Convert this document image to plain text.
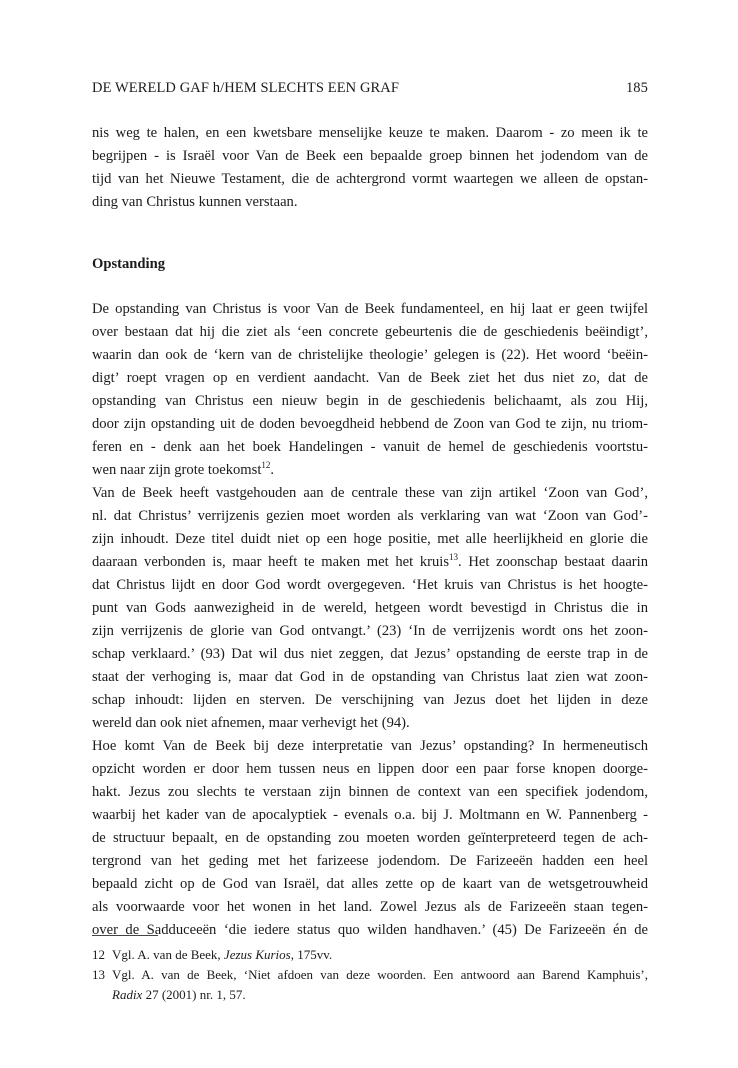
DE WERELD GAF h/HEM SLECHTS EEN GRAF	185

nis weg te halen, en een kwetsbare menselijke keuze te maken. Daarom - zo meen ik te
begrijpen - is Israël voor Van de Beek een bepaalde groep binnen het jodendom van de
tijd van het Nieuwe Testament, die de achtergrond vormt waartegen we alleen de opstan-
ding van Christus kunnen verstaan.

Opstanding

De opstanding van Christus is voor Van de Beek fundamenteel, en hij laat er geen twijfel
over bestaan dat hij die ziet als ‘een concrete gebeurtenis die de geschiedenis beëindigt’,
waarin dan ook de ‘kern van de christelijke theologie’ gelegen is (22). Het woord ‘beëin-
digt’ roept vragen op en verdient aandacht. Van de Beek ziet het dus niet zo, dat de
opstanding van Christus een nieuw begin in de geschiedenis belichaamt, als zou Hij,
door zijn opstanding uit de doden bevoegdheid hebbend de Zoon van God te zijn, nu triom-
feren en - denk aan het boek Handelingen - vanuit de hemel de geschiedenis voortstu-
wen naar zijn grote toekomst$^{12}$.

Van de Beek heeft vastgehouden aan de centrale these van zijn artikel ‘Zoon van God’,
nl. dat Christus’ verrijzenis gezien moet worden als verklaring van wat ‘Zoon van God’-
zijn inhoudt. Deze titel duidt niet op een hoge positie, met alle heerlijkheid en glorie die
daaraan verbonden is, maar heeft te maken met het kruis$^{13}$. Het zoonschap bestaat daarin
dat Christus lijdt en door God wordt overgegeven. ‘Het kruis van Christus is het hoogte-
punt van Gods aanwezigheid in de wereld, hetgeen wordt bevestigd in Christus die in
zijn verrijzenis de glorie van God ontvangt.’ (23) ‘In de verrijzenis wordt ons het zoon-
schap verklaard.’ (93) Dat wil dus niet zeggen, dat Jezus’ opstanding de eerste trap in de
staat der verhoging is, maar dat God in de opstanding van Christus laat zien wat zoon-
schap inhoudt: lijden en sterven. De verschijning van Jezus doet het lijden in deze
wereld dan ook niet afnemen, maar verhevigt het (94).

Hoe komt Van de Beek bij deze interpretatie van Jezus’ opstanding? In hermeneutisch
opzicht worden er door hem tussen neus en lippen door een paar forse knopen doorge-
hakt. Jezus zou slechts te verstaan zijn binnen de context van een specifiek jodendom,
waarbij het kader van de apocalyptiek - evenals o.a. bij J. Moltmann en W. Pannenberg -
de structuur bepaalt, en de opstanding zou moeten worden geïnterpreteerd tegen de ach-
tergrond van het geding met het farizeese jodendom. De Farizeeën hadden een heel
bepaald zicht op de God van Israël, dat alles zette op de kaart van de wetsgetrouwheid
als voorwaarde voor het wonen in het land. Zowel Jezus als de Farizeeën staan tegen-
over de Sadduceeën ‘die iedere status quo wilden handhaven.’ (45) De Farizeeën én de

12 Vgl. A. van de Beek, Jezus Kurios, 175vv.
13 Vgl. A. van de Beek, ‘Niet afdoen van deze woorden. Een antwoord aan Barend Kamphuis’,
Radix 27 (2001) nr. 1, 57.
